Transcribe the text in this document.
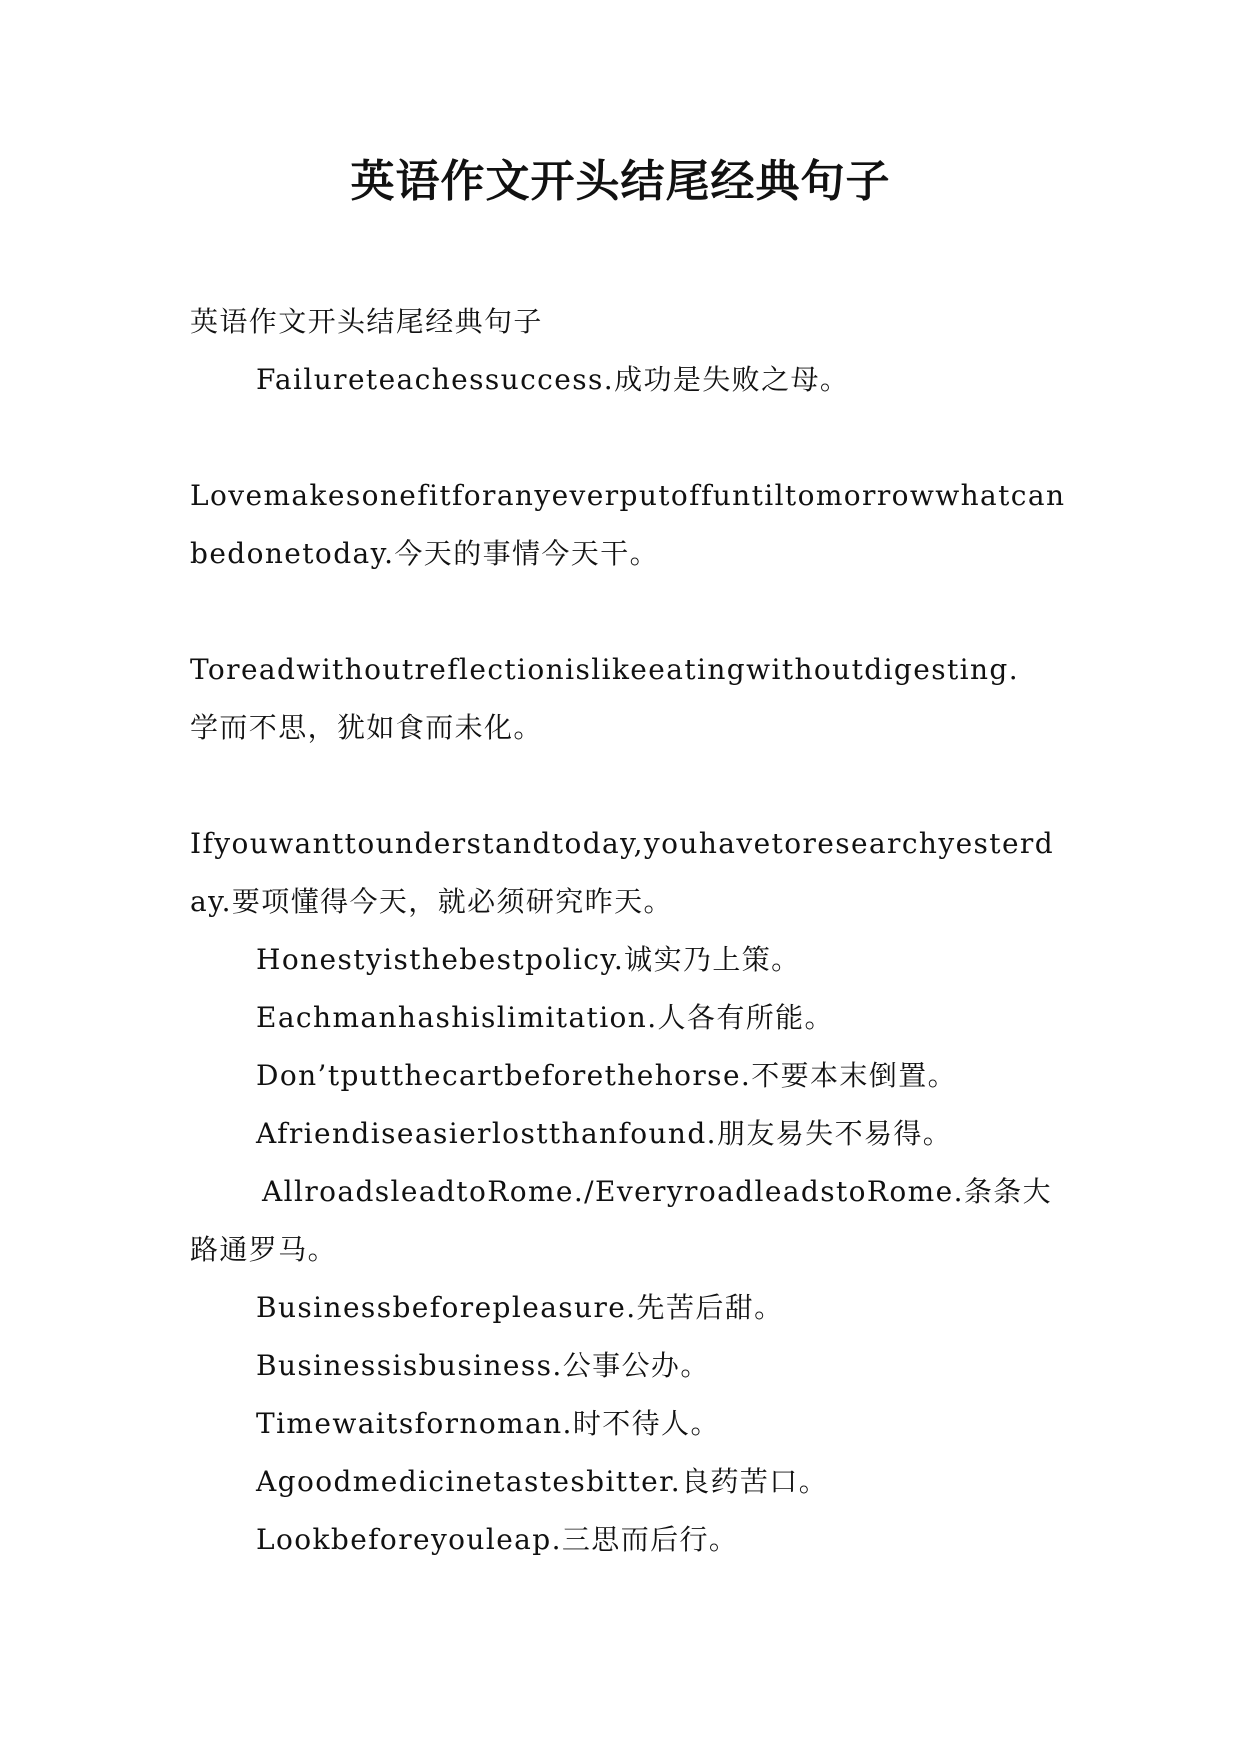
英语作文开头结尾经典句子
英语作文开头结尾经典句子
Failureteachessuccess.成功是失败之母。
Lovemakesonefitforanyeverputoffuntiltomorrowwhatcan
bedonetoday.今天的事情今天干。
Toreadwithoutreflectionislikeeatingwithoutdigesting.
学而不思，犹如食而未化。
Ifyouwanttounderstandtoday,youhavetoresearchyesterd
ay.要项懂得今天，就必须研究昨天。
Honestyisthebestpolicy.诚实乃上策。
Eachmanhashislimitation.人各有所能。
Don’tputthecartbeforethehorse.不要本末倒置。
Afriendiseasierlostthanfound.朋友易失不易得。
AllroadsleadtoRome./EveryroadleadstoRome.条条大
路通罗马。
Businessbeforepleasure.先苦后甜。
Businessisbusiness.公事公办。
Timewaitsfornoman.时不待人。
Agoodmedicinetastesbitter.良药苦口。
Lookbeforeyouleap.三思而后行。
